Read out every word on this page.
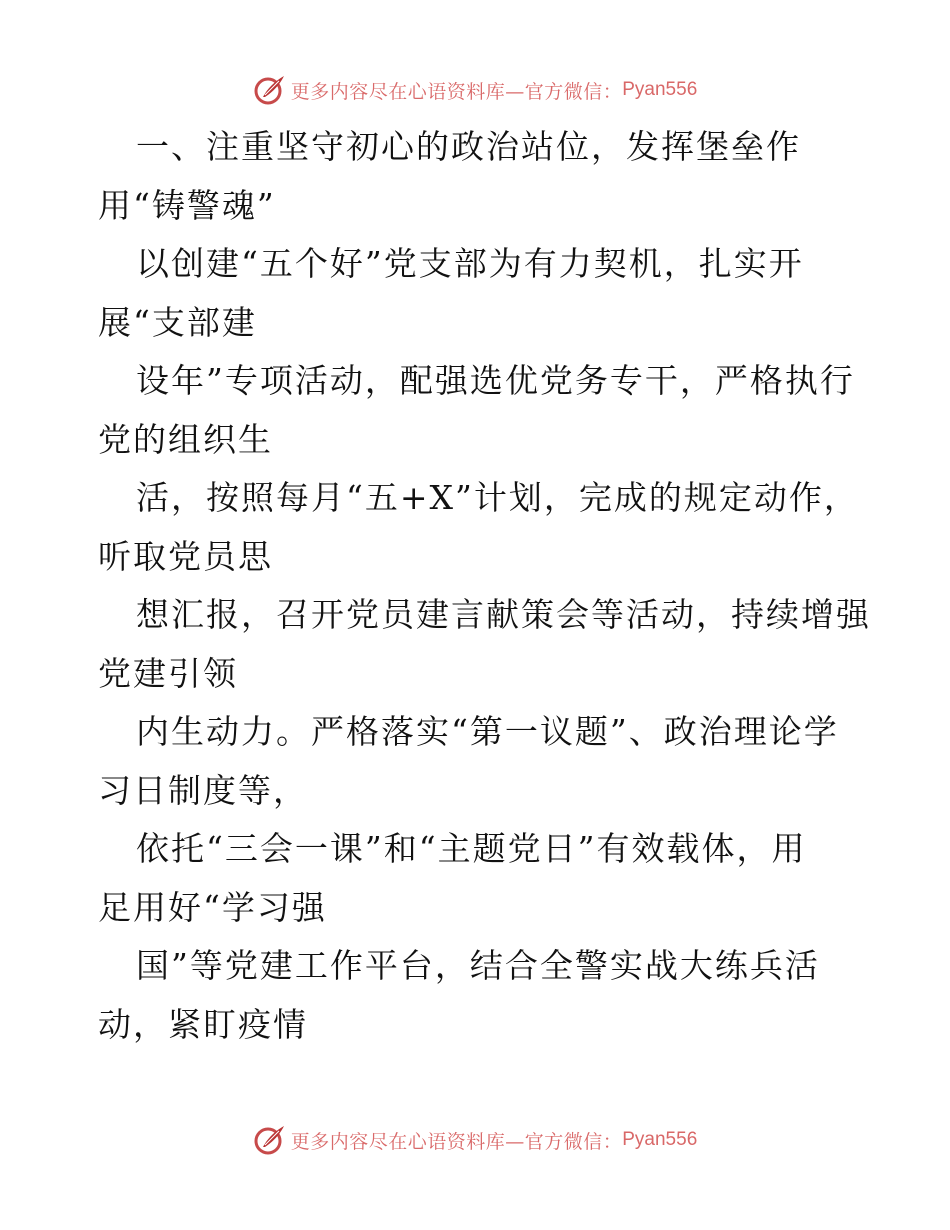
更多内容尽在心语资料库—官方微信： Pyan556
一、注重坚守初心的政治站位，发挥堡垒作
用“铸警魂”
以创建“五个好”党支部为有力契机，扎实开
展“支部建
设年”专项活动，配强选优党务专干，严格执行
党的组织生
活，按照每月“五+X”计划，完成的规定动作，
听取党员思
想汇报，召开党员建言献策会等活动，持续增强
党建引领
内生动力。严格落实“第一议题”、政治理论学
习日制度等，
依托“三会一课”和“主题党日”有效载体，用
足用好“学习强
国”等党建工作平台，结合全警实战大练兵活
动，紧盯疫情
更多内容尽在心语资料库—官方微信： Pyan556
